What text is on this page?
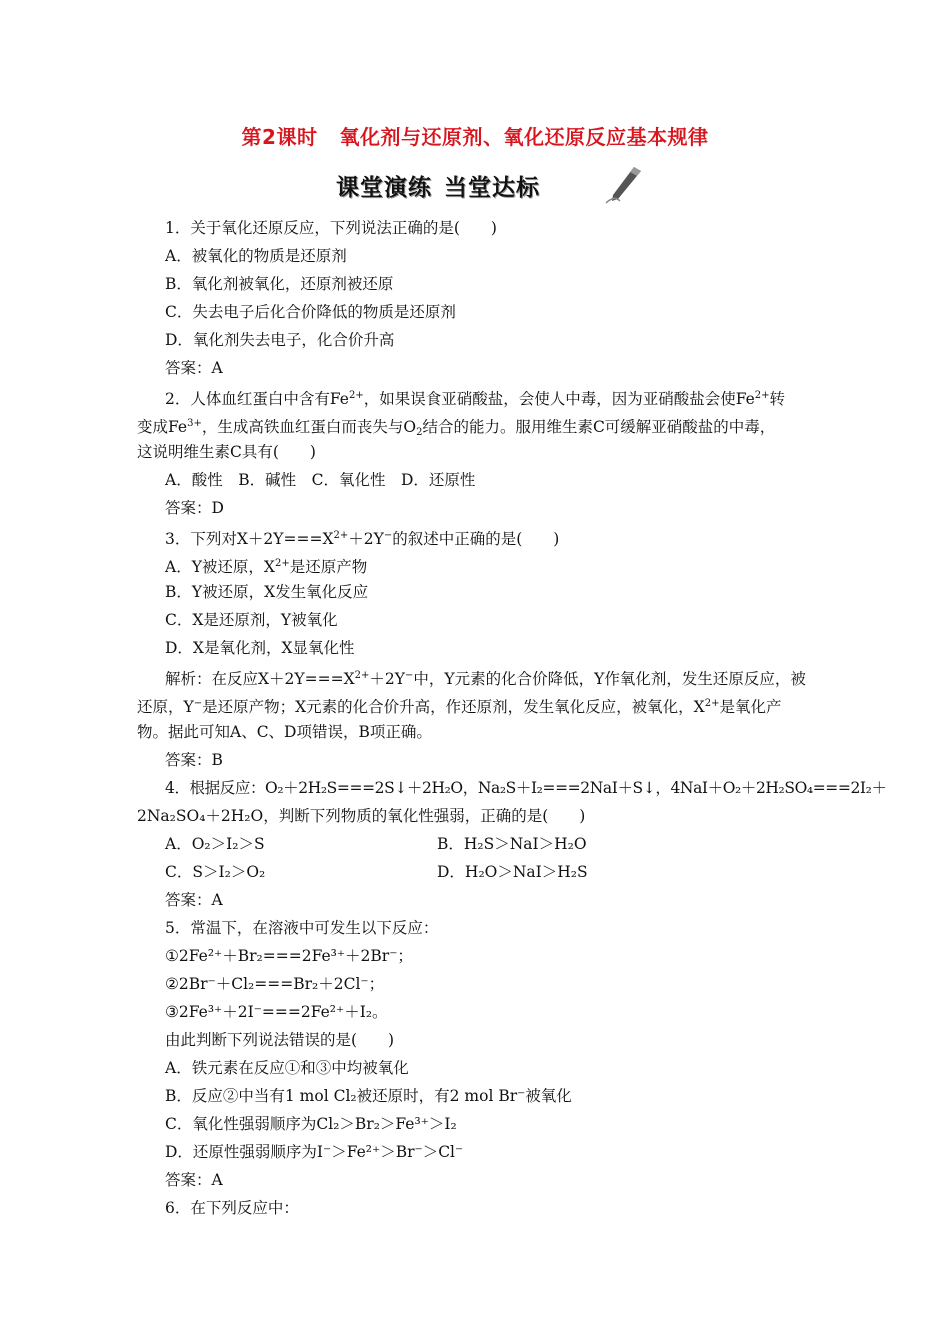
第2课时 氧化剂与还原剂、氧化还原反应基本规律
课堂演练 当堂达标
1．关于氧化还原反应，下列说法正确的是(　　)
A．被氧化的物质是还原剂
B．氧化剂被氧化，还原剂被还原
C．失去电子后化合价降低的物质是还原剂
D．氧化剂失去电子，化合价升高
答案：A
2．人体血红蛋白中含有$Fe^{2+}$，如果误食亚硝酸盐，会使人中毒，因为亚硝酸盐会使$Fe^{2+}$转
变成$Fe^{3+}$，生成高铁血红蛋白而丧失与$O_2$结合的能力。服用维生素C可缓解亚硝酸盐的中毒，
这说明维生素C具有(　　)
A．酸性　B．碱性　C．氧化性　D．还原性
答案：D
3．下列对$X+2Y===X^{2+}+2Y^-$的叙述中正确的是(　　)
A．Y被还原，$X^{2+}$是还原产物
B．Y被还原，X发生氧化反应
C．X是还原剂，Y被氧化
D．X是氧化剂，X显氧化性
解析：在反应$X+2Y===X^{2+}+2Y^-$中，Y元素的化合价降低，Y作氧化剂，发生还原反应，被
还原，Y−是还原产物；X元素的化合价升高，作还原剂，发生氧化反应，被氧化，$X^{2+}$是氧化产
物。据此可知A、C、D项错误，B项正确。
答案：B
4．根据反应：O₂＋2H₂S===2S↓＋2H₂O，Na₂S＋I₂===2NaI＋S↓，4NaI＋O₂＋2H₂SO₄===2I₂＋
2Na₂SO₄＋2H₂O，判断下列物质的氧化性强弱，正确的是(　　)
A．O₂＞I₂＞S	B．H₂S＞NaI＞H₂O
C．S＞I₂＞O₂	D．H₂O＞NaI＞H₂S
答案：A
5．常温下，在溶液中可发生以下反应：
①2Fe²⁺＋Br₂===2Fe³⁺＋2Br⁻；
②2Br⁻＋Cl₂===Br₂＋2Cl⁻；
③2Fe³⁺＋2I⁻===2Fe²⁺＋I₂。
由此判断下列说法错误的是(　　)
A．铁元素在反应①和③中均被氧化
B．反应②中当有1 mol Cl₂被还原时，有2 mol Br⁻被氧化
C．氧化性强弱顺序为Cl₂＞Br₂＞Fe³⁺＞I₂
D．还原性强弱顺序为I⁻＞Fe²⁺＞Br⁻＞Cl⁻
答案：A
6．在下列反应中：
